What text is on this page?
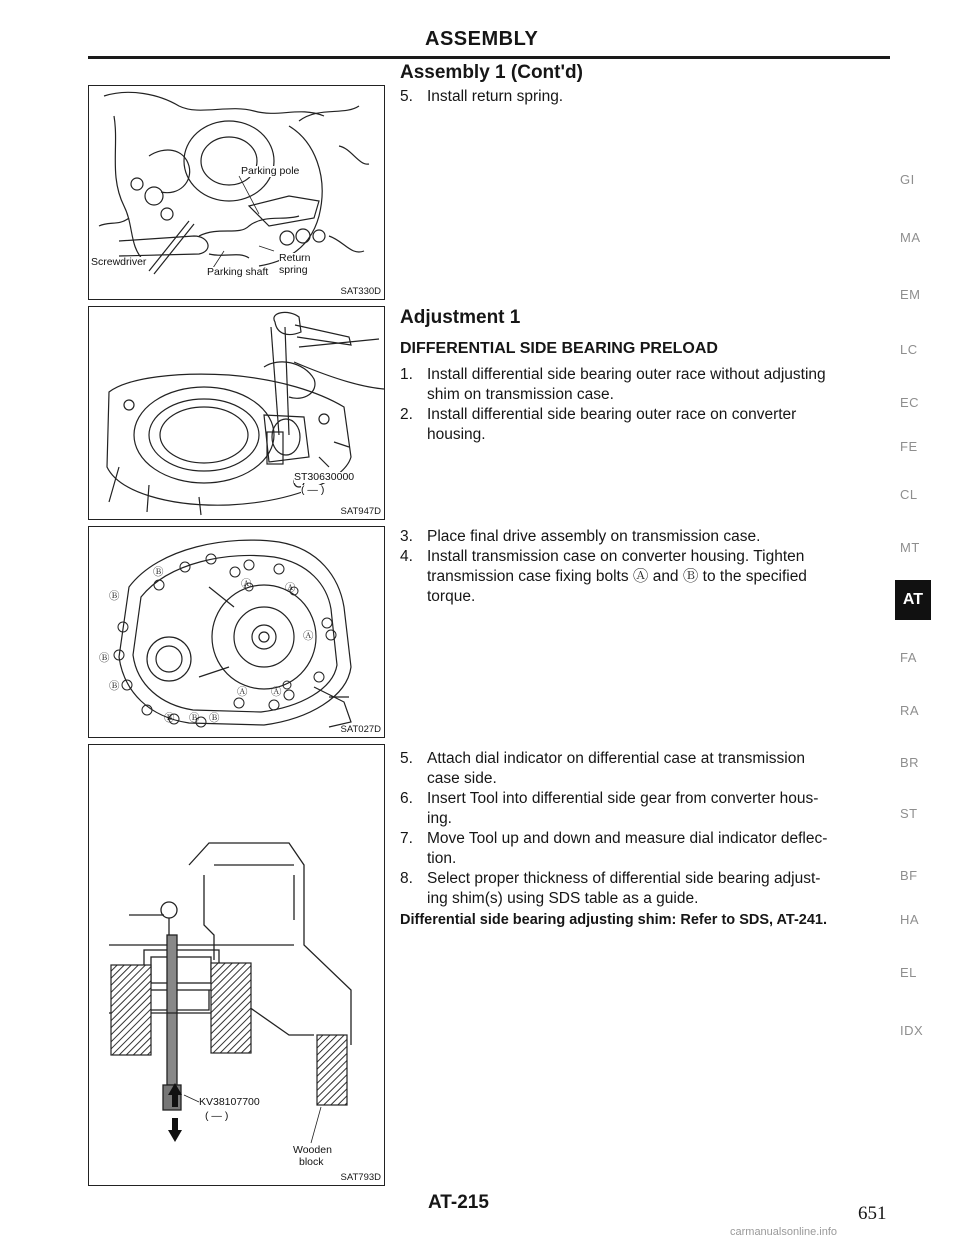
ASSEMBLY
Assembly 1 (Cont'd)
5. Install return spring.
Adjustment 1
DIFFERENTIAL SIDE BEARING PRELOAD
1. Install differential side bearing outer race without adjusting
shim on transmission case.
2. Install differential side bearing outer race on converter
housing.
3. Place final drive assembly on transmission case.
4. Install transmission case on converter housing. Tighten
transmission case fixing bolts Ⓐ and Ⓑ to the specified
torque.
5. Attach dial indicator on differential case at transmission
case side.
6. Insert Tool into differential side gear from converter hous-
ing.
7. Move Tool up and down and measure dial indicator deflec-
tion.
8. Select proper thickness of differential side bearing adjust-
ing shim(s) using SDS table as a guide.
Differential side bearing adjusting shim: Refer to SDS, AT-241.
Parking pole
Return
spring
Screwdriver
Parking shaft
SAT330D
ST30630000
( — )
SAT947D
Ⓑ
Ⓑ
Ⓑ
Ⓑ
Ⓑ Ⓑ Ⓑ
Ⓐ	Ⓐ
Ⓐ
Ⓐ Ⓐ
SAT027D
KV38107700
( — )
Wooden
block
SAT793D
GI
MA
EM
LC
EC
FE
CL
MT
FA
RA
BR
ST
BF
HA
EL
IDX
AT
AT-215
651
carmanualsonline.info
